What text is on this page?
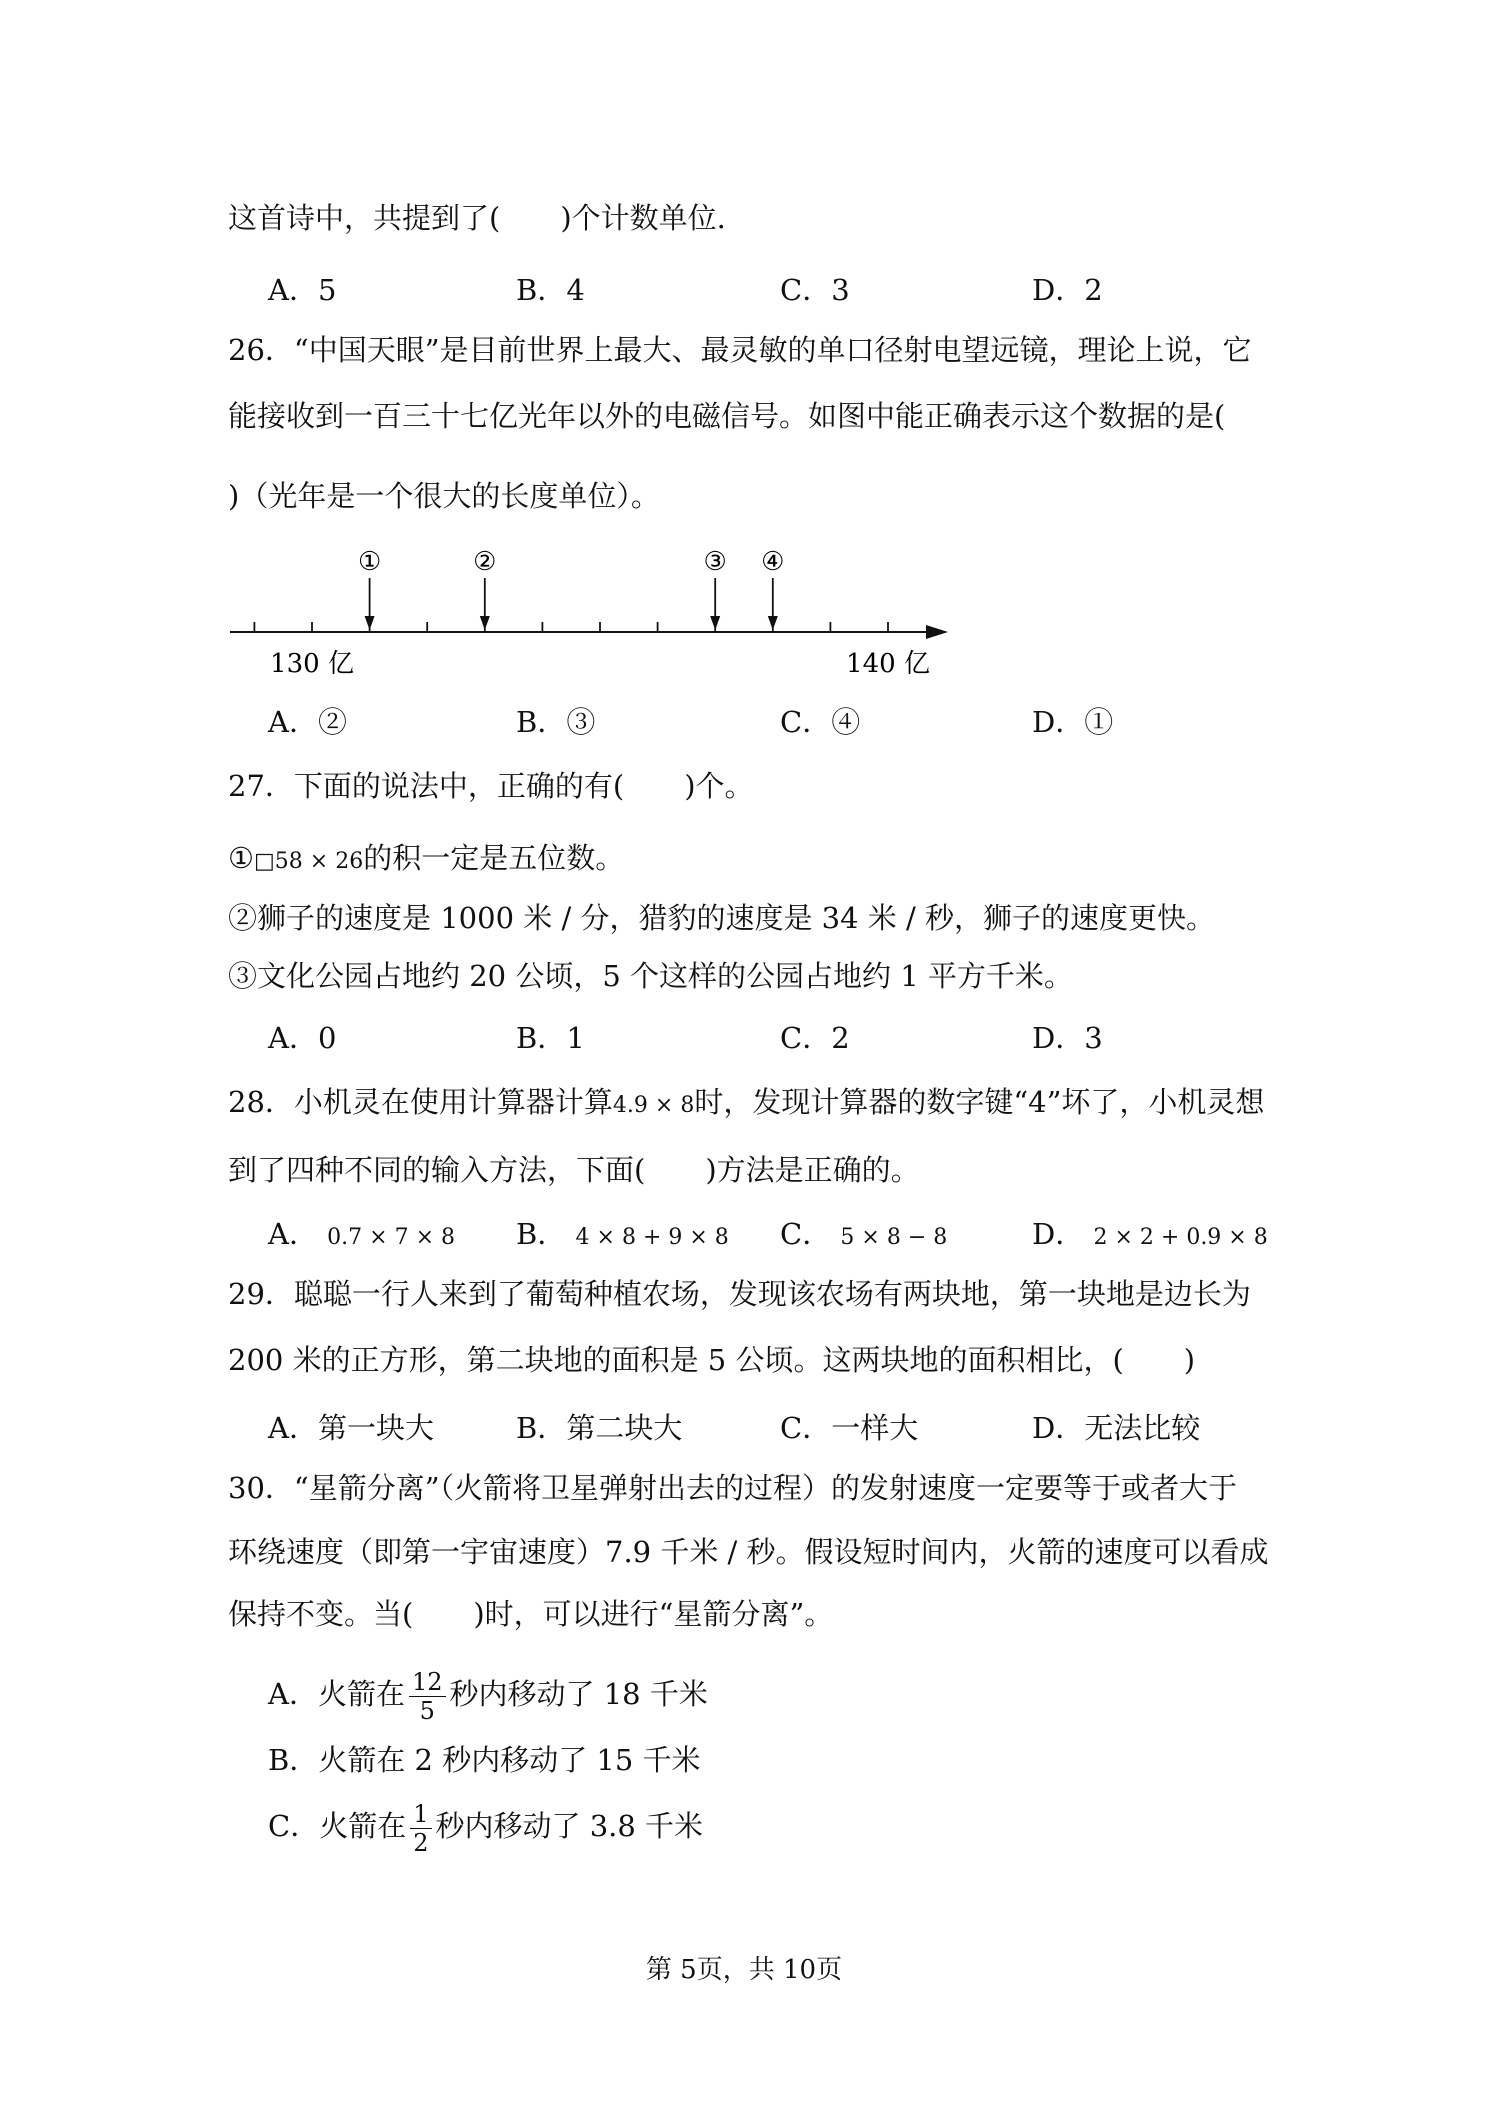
这首诗中，共提到了( )个计数单位.
A．5	B．4	C．3	D．2
26．“中国天眼”是目前世界上最大、最灵敏的单口径射电望远镜，理论上说，它
能接收到一百三十七亿光年以外的电磁信号。如图中能正确表示这个数据的是(
)（光年是一个很大的长度单位）。
130 亿	140 亿
①	②	③ ④
A．②	B．③	C．④	D．①
27．下面的说法中，正确的有( )个。
①□58 × 26的积一定是五位数。
②狮子的速度是 1000 米 / 分，猎豹的速度是 34 米 / 秒，狮子的速度更快。
③文化公园占地约 20 公顷，5 个这样的公园占地约 1 平方千米。
A．0	B．1	C．2	D．3
28．小机灵在使用计算器计算4.9 × 8时，发现计算器的数字键“4”坏了，小机灵想
到了四种不同的输入方法，下面( )方法是正确的。
A． 0.7 × 7 × 8 B． 4 × 8 + 9 × 8 C． 5 × 8 − 8	D． 2 × 2 + 0.9 × 8
29．聪聪一行人来到了葡萄种植农场，发现该农场有两块地，第一块地是边长为
200 米的正方形，第二块地的面积是 5 公顷。这两块地的面积相比，( )
A．第一块大	B．第二块大	C．一样大	D．无法比较
30．“星箭分离”（火箭将卫星弹射出去的过程）的发射速度一定要等于或者大于
环绕速度（即第一宇宙速度）7.9 千米 / 秒。假设短时间内，火箭的速度可以看成
保持不变。当( )时，可以进行“星箭分离”。
A．火箭在 $\frac{12}{5}$ 秒内移动了 18 千米
B．火箭在 2 秒内移动了 15 千米
C．火箭在 $\frac{1}{2}$ 秒内移动了 3.8 千米
第 5页，共 10页
